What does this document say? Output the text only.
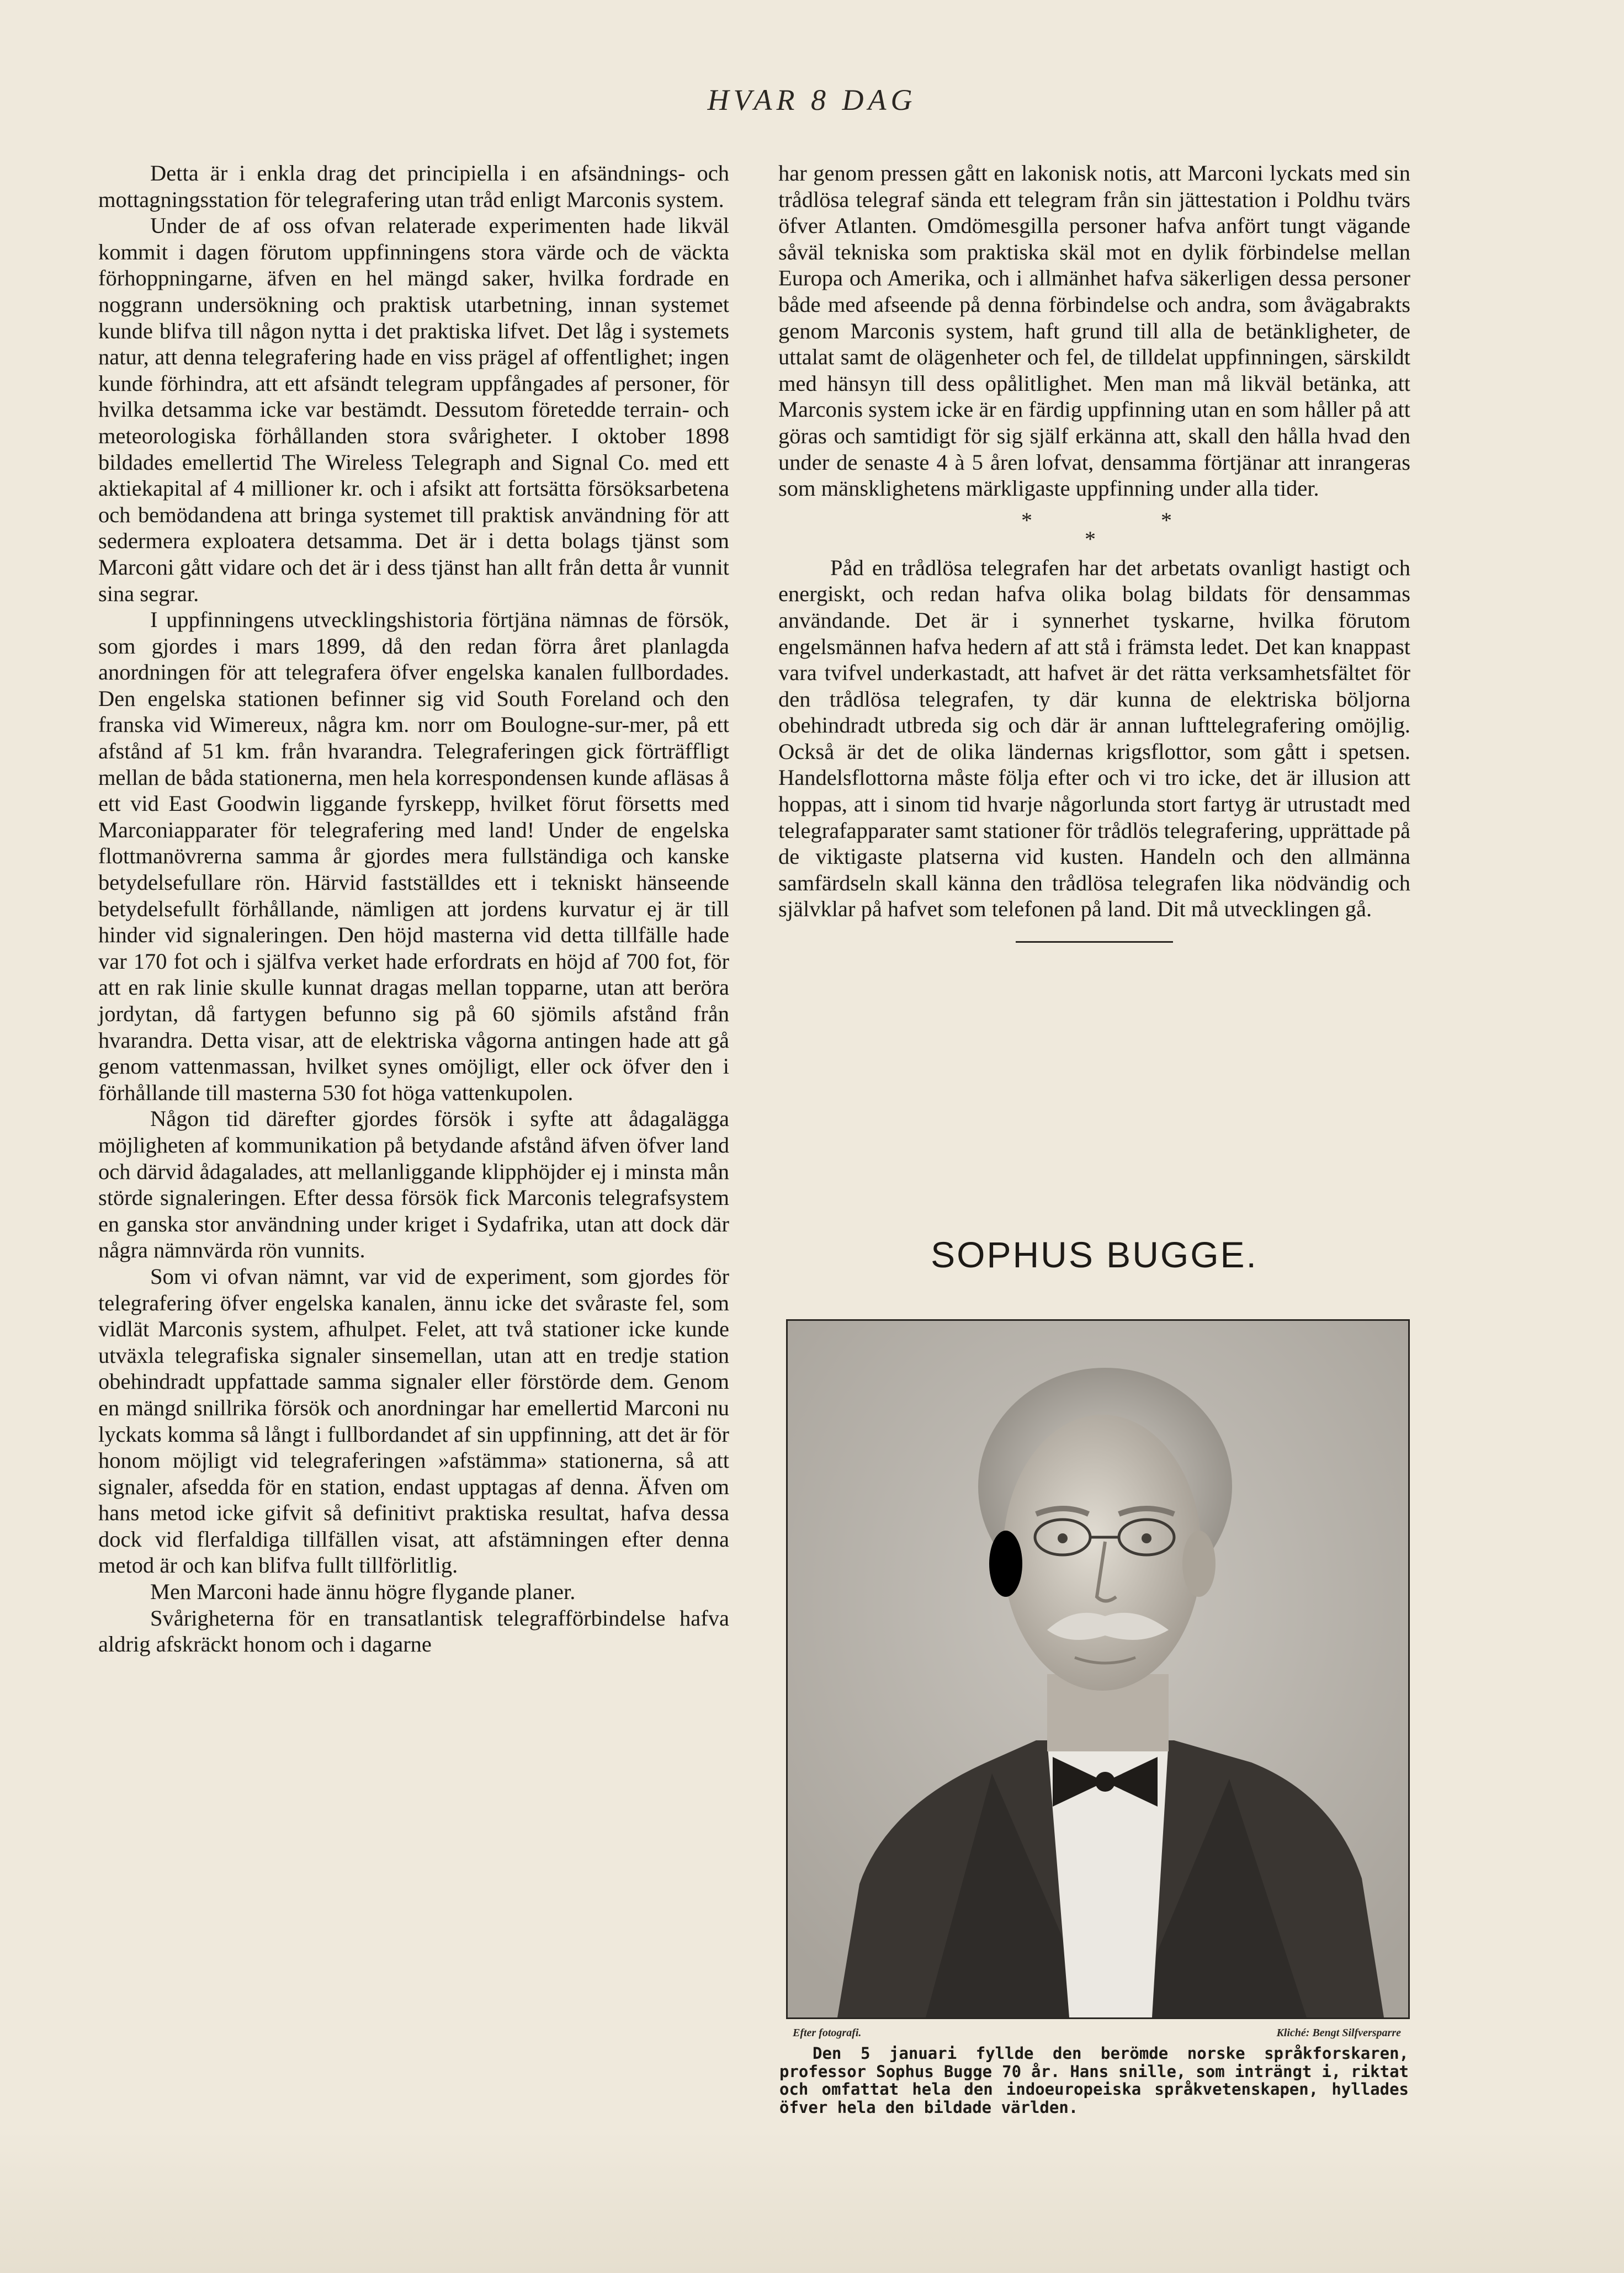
HVAR 8 DAG

Detta är i enkla drag det principiella i en afsändnings- och mottagningsstation för telegrafering utan tråd enligt Marconis system.

Under de af oss ofvan relaterade experimenten hade likväl kommit i dagen förutom uppfinningens stora värde och de väckta förhoppningarne, äfven en hel mängd saker, hvilka fordrade en noggrann undersökning och praktisk utarbetning, innan systemet kunde blifva till någon nytta i det praktiska lifvet. Det låg i systemets natur, att denna telegrafering hade en viss prägel af offentlighet; ingen kunde förhindra, att ett afsändt telegram uppfångades af personer, för hvilka detsamma icke var bestämdt. Dessutom företedde terrain- och meteorologiska förhållanden stora svårigheter. I oktober 1898 bildades emellertid The Wireless Telegraph and Signal Co. med ett aktiekapital af 4 millioner kr. och i afsikt att fortsätta försöksarbetena och bemödandena att bringa systemet till praktisk användning för att sedermera exploatera detsamma. Det är i detta bolags tjänst som Marconi gått vidare och det är i dess tjänst han allt från detta år vunnit sina segrar.

I uppfinningens utvecklingshistoria förtjäna nämnas de försök, som gjordes i mars 1899, då den redan förra året planlagda anordningen för att telegrafera öfver engelska kanalen fullbordades. Den engelska stationen befinner sig vid South Foreland och den franska vid Wimereux, några km. norr om Boulogne-sur-mer, på ett afstånd af 51 km. från hvarandra. Telegraferingen gick förträffligt mellan de båda stationerna, men hela korrespondensen kunde afläsas å ett vid East Goodwin liggande fyrskepp, hvilket förut försetts med Marconiapparater för telegrafering med land! Under de engelska flottmanövrerna samma år gjordes mera fullständiga och kanske betydelsefullare rön. Härvid fastställdes ett i tekniskt hänseende betydelsefullt förhållande, nämligen att jordens kurvatur ej är till hinder vid signaleringen. Den höjd masterna vid detta tillfälle hade var 170 fot och i själfva verket hade erfordrats en höjd af 700 fot, för att en rak linie skulle kunnat dragas mellan topparne, utan att beröra jordytan, då fartygen befunno sig på 60 sjömils afstånd från hvarandra. Detta visar, att de elektriska vågorna antingen hade att gå genom vattenmassan, hvilket synes omöjligt, eller ock öfver den i förhållande till masterna 530 fot höga vattenkupolen.

Någon tid därefter gjordes försök i syfte att ådagalägga möjligheten af kommunikation på betydande afstånd äfven öfver land och därvid ådagalades, att mellanliggande klipphöjder ej i minsta mån störde signaleringen. Efter dessa försök fick Marconis telegrafsystem en ganska stor användning under kriget i Sydafrika, utan att dock där några nämnvärda rön vunnits.

Som vi ofvan nämnt, var vid de experiment, som gjordes för telegrafering öfver engelska kanalen, ännu icke det svåraste fel, som vidlät Marconis system, afhulpet. Felet, att två stationer icke kunde utväxla telegrafiska signaler sinsemellan, utan att en tredje station obehindradt uppfattade samma signaler eller förstörde dem. Genom en mängd snillrika försök och anordningar har emellertid Marconi nu lyckats komma så långt i fullbordandet af sin uppfinning, att det är för honom möjligt vid telegraferingen »afstämma» stationerna, så att signaler, afsedda för en station, endast upptagas af denna. Äfven om hans metod icke gifvit så definitivt praktiska resultat, hafva dessa dock vid flerfaldiga tillfällen visat, att afstämningen efter denna metod är och kan blifva fullt tillförlitlig.

Men Marconi hade ännu högre flygande planer.

Svårigheterna för en transatlantisk telegrafförbindelse hafva aldrig afskräckt honom och i dagarne

har genom pressen gått en lakonisk notis, att Marconi lyckats med sin trådlösa telegraf sända ett telegram från sin jättestation i Poldhu tvärs öfver Atlanten. Omdömesgilla personer hafva anfört tungt vägande såväl tekniska som praktiska skäl mot en dylik förbindelse mellan Europa och Amerika, och i allmänhet hafva säkerligen dessa personer både med afseende på denna förbindelse och andra, som åvägabrakts genom Marconis system, haft grund till alla de betänkligheter, de uttalat samt de olägenheter och fel, de tilldelat uppfinningen, särskildt med hänsyn till dess opålitlighet. Men man må likväl betänka, att Marconis system icke är en färdig uppfinning utan en som håller på att göras och samtidigt för sig själf erkänna att, skall den hålla hvad den under de senaste 4 à 5 åren lofvat, densamma förtjänar att inrangeras som mänsklighetens märkligaste uppfinning under alla tider.

*
*
*

Påd en trådlösa telegrafen har det arbetats ovanligt hastigt och energiskt, och redan hafva olika bolag bildats för densammas användande. Det är i synnerhet tyskarne, hvilka förutom engelsmännen hafva hedern af att stå i främsta ledet. Det kan knappast vara tvifvel underkastadt, att hafvet är det rätta verksamhetsfältet för den trådlösa telegrafen, ty där kunna de elektriska böljorna obehindradt utbreda sig och där är annan lufttelegrafering omöjlig. Också är det de olika ländernas krigsflottor, som gått i spetsen. Handelsflottorna måste följa efter och vi tro icke, det är illusion att hoppas, att i sinom tid hvarje någorlunda stort fartyg är utrustadt med telegrafapparater samt stationer för trådlös telegrafering, upprättade på de viktigaste platserna vid kusten. Handeln och den allmänna samfärdseln skall känna den trådlösa telegrafen lika nödvändig och självklar på hafvet som telefonen på land. Dit må utvecklingen gå.

SOPHUS BUGGE.
Efter fotografi.	Kliché: Bengt Silfversparre

Den 5 januari fyllde den berömde norske språkforskaren, professor Sophus Bugge 70 år. Hans snille, som inträngt i, riktat och omfattat hela den indoeuropeiska språkvetenskapen, hyllades öfver hela den bildade världen.
